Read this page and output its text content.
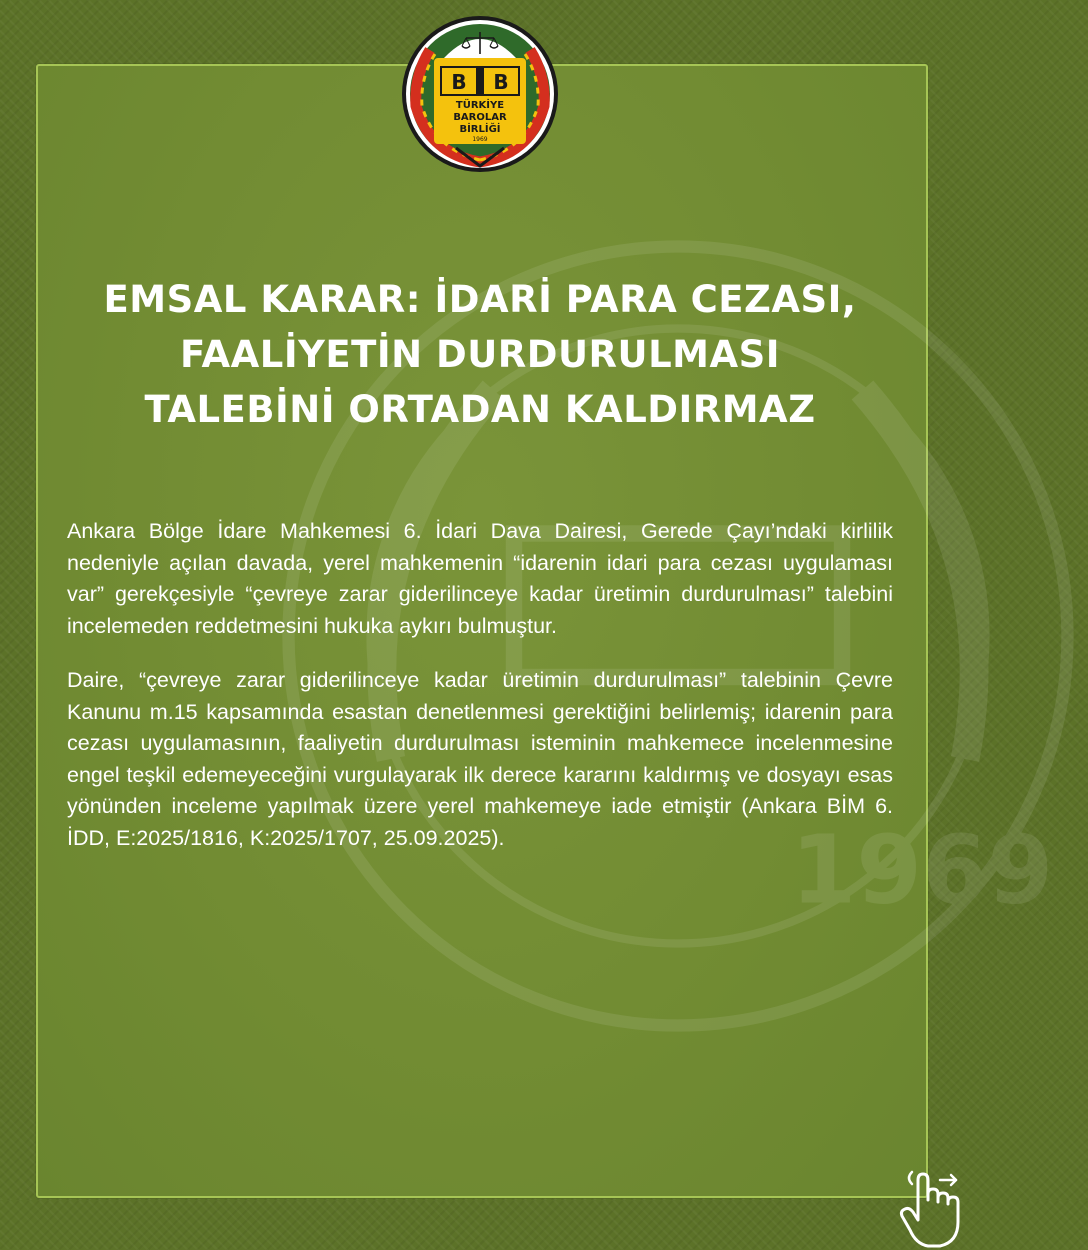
1969
B B
TÜRKİYE
BAROLAR
BİRLİĞİ
1969
EMSAL KARAR: İDARİ PARA CEZASI,
FAALİYETİN DURDURULMASI
TALEBİNİ ORTADAN KALDIRMAZ

Ankara Bölge İdare Mahkemesi 6. İdari Dava Dairesi, Gerede Çayı’ndaki kirlilik nedeniyle açılan davada, yerel mahkemenin “idarenin idari para cezası uygulaması var” gerekçesiyle “çevreye zarar giderilinceye kadar üretimin durdurulması” talebini incelemeden reddetmesini hukuka aykırı bulmuştur.

Daire, “çevreye zarar giderilinceye kadar üretimin durdurulması” talebinin Çevre Kanunu m.15 kapsamında esastan denetlenmesi gerektiğini belirlemiş; idarenin para cezası uygulamasının, faaliyetin durdurulması isteminin mahkemece incelenmesine engel teşkil edemeyeceğini vurgulayarak ilk derece kararını kaldırmış ve dosyayı esas yönünden inceleme yapılmak üzere yerel mahkemeye iade etmiştir (Ankara BİM 6. İDD, E:2025/1816, K:2025/1707, 25.09.2025).
